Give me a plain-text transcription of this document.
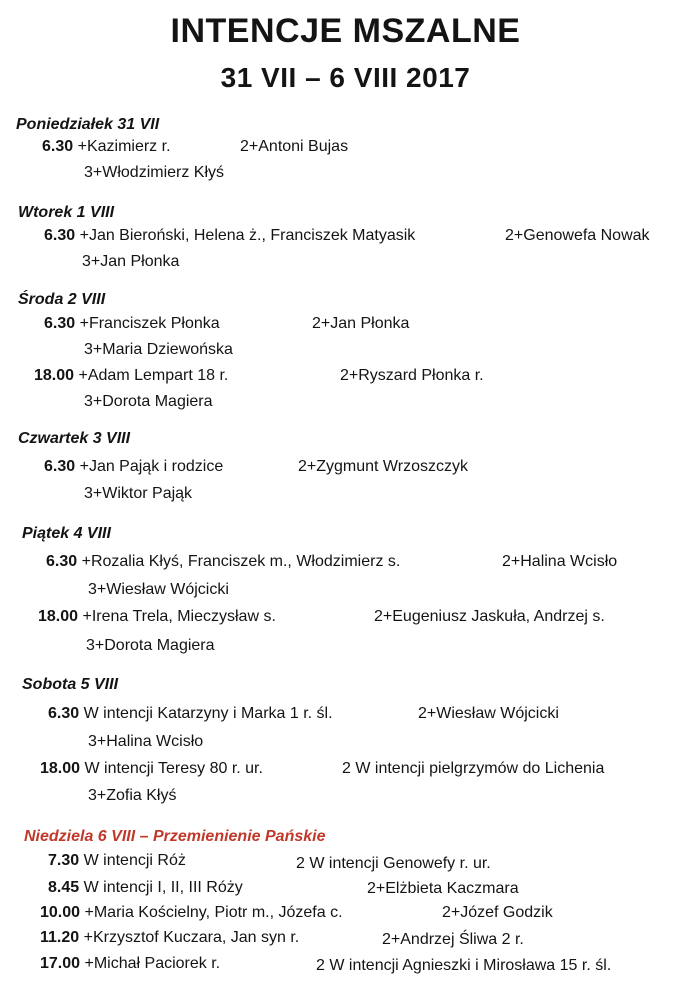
INTENCJE MSZALNE
31 VII – 6 VIII 2017
Poniedziałek 31 VII
6.30 +Kazimierz r.	2+Antoni Bujas
3+Włodzimierz Kłyś
Wtorek 1 VIII
6.30 +Jan Bieroński, Helena ż., Franciszek Matyasik	2+Genowefa Nowak
3+Jan Płonka
Środa 2 VIII
6.30 +Franciszek Płonka	2+Jan Płonka
3+Maria Dziewońska
18.00 +Adam Lempart 18 r.	2+Ryszard Płonka r.
3+Dorota Magiera
Czwartek 3 VIII
6.30 +Jan Pająk i rodzice	2+Zygmunt Wrzoszczyk
3+Wiktor Pająk
Piątek 4 VIII
6.30 +Rozalia Kłyś, Franciszek m., Włodzimierz s.	2+Halina Wcisło
3+Wiesław Wójcicki
18.00 +Irena Trela, Mieczysław s.	2+Eugeniusz Jaskuła, Andrzej s.
3+Dorota Magiera
Sobota 5 VIII
6.30 W intencji Katarzyny i Marka 1 r. śl.	2+Wiesław Wójcicki
3+Halina Wcisło
18.00 W intencji Teresy 80 r. ur.	2 W intencji pielgrzymów do Lichenia
3+Zofia Kłyś
Niedziela 6 VIII – Przemienienie Pańskie
7.30 W intencji Róż	2 W intencji Genowefy r. ur.
8.45 W intencji I, II, III Róży	2+Elżbieta Kaczmara
10.00 +Maria Kościelny, Piotr m., Józefa c.	2+Józef Godzik
11.20 +Krzysztof Kuczara, Jan syn r.	2+Andrzej Śliwa 2 r.
17.00 +Michał Paciorek r.	2 W intencji Agnieszki i Mirosława 15 r. śl.
